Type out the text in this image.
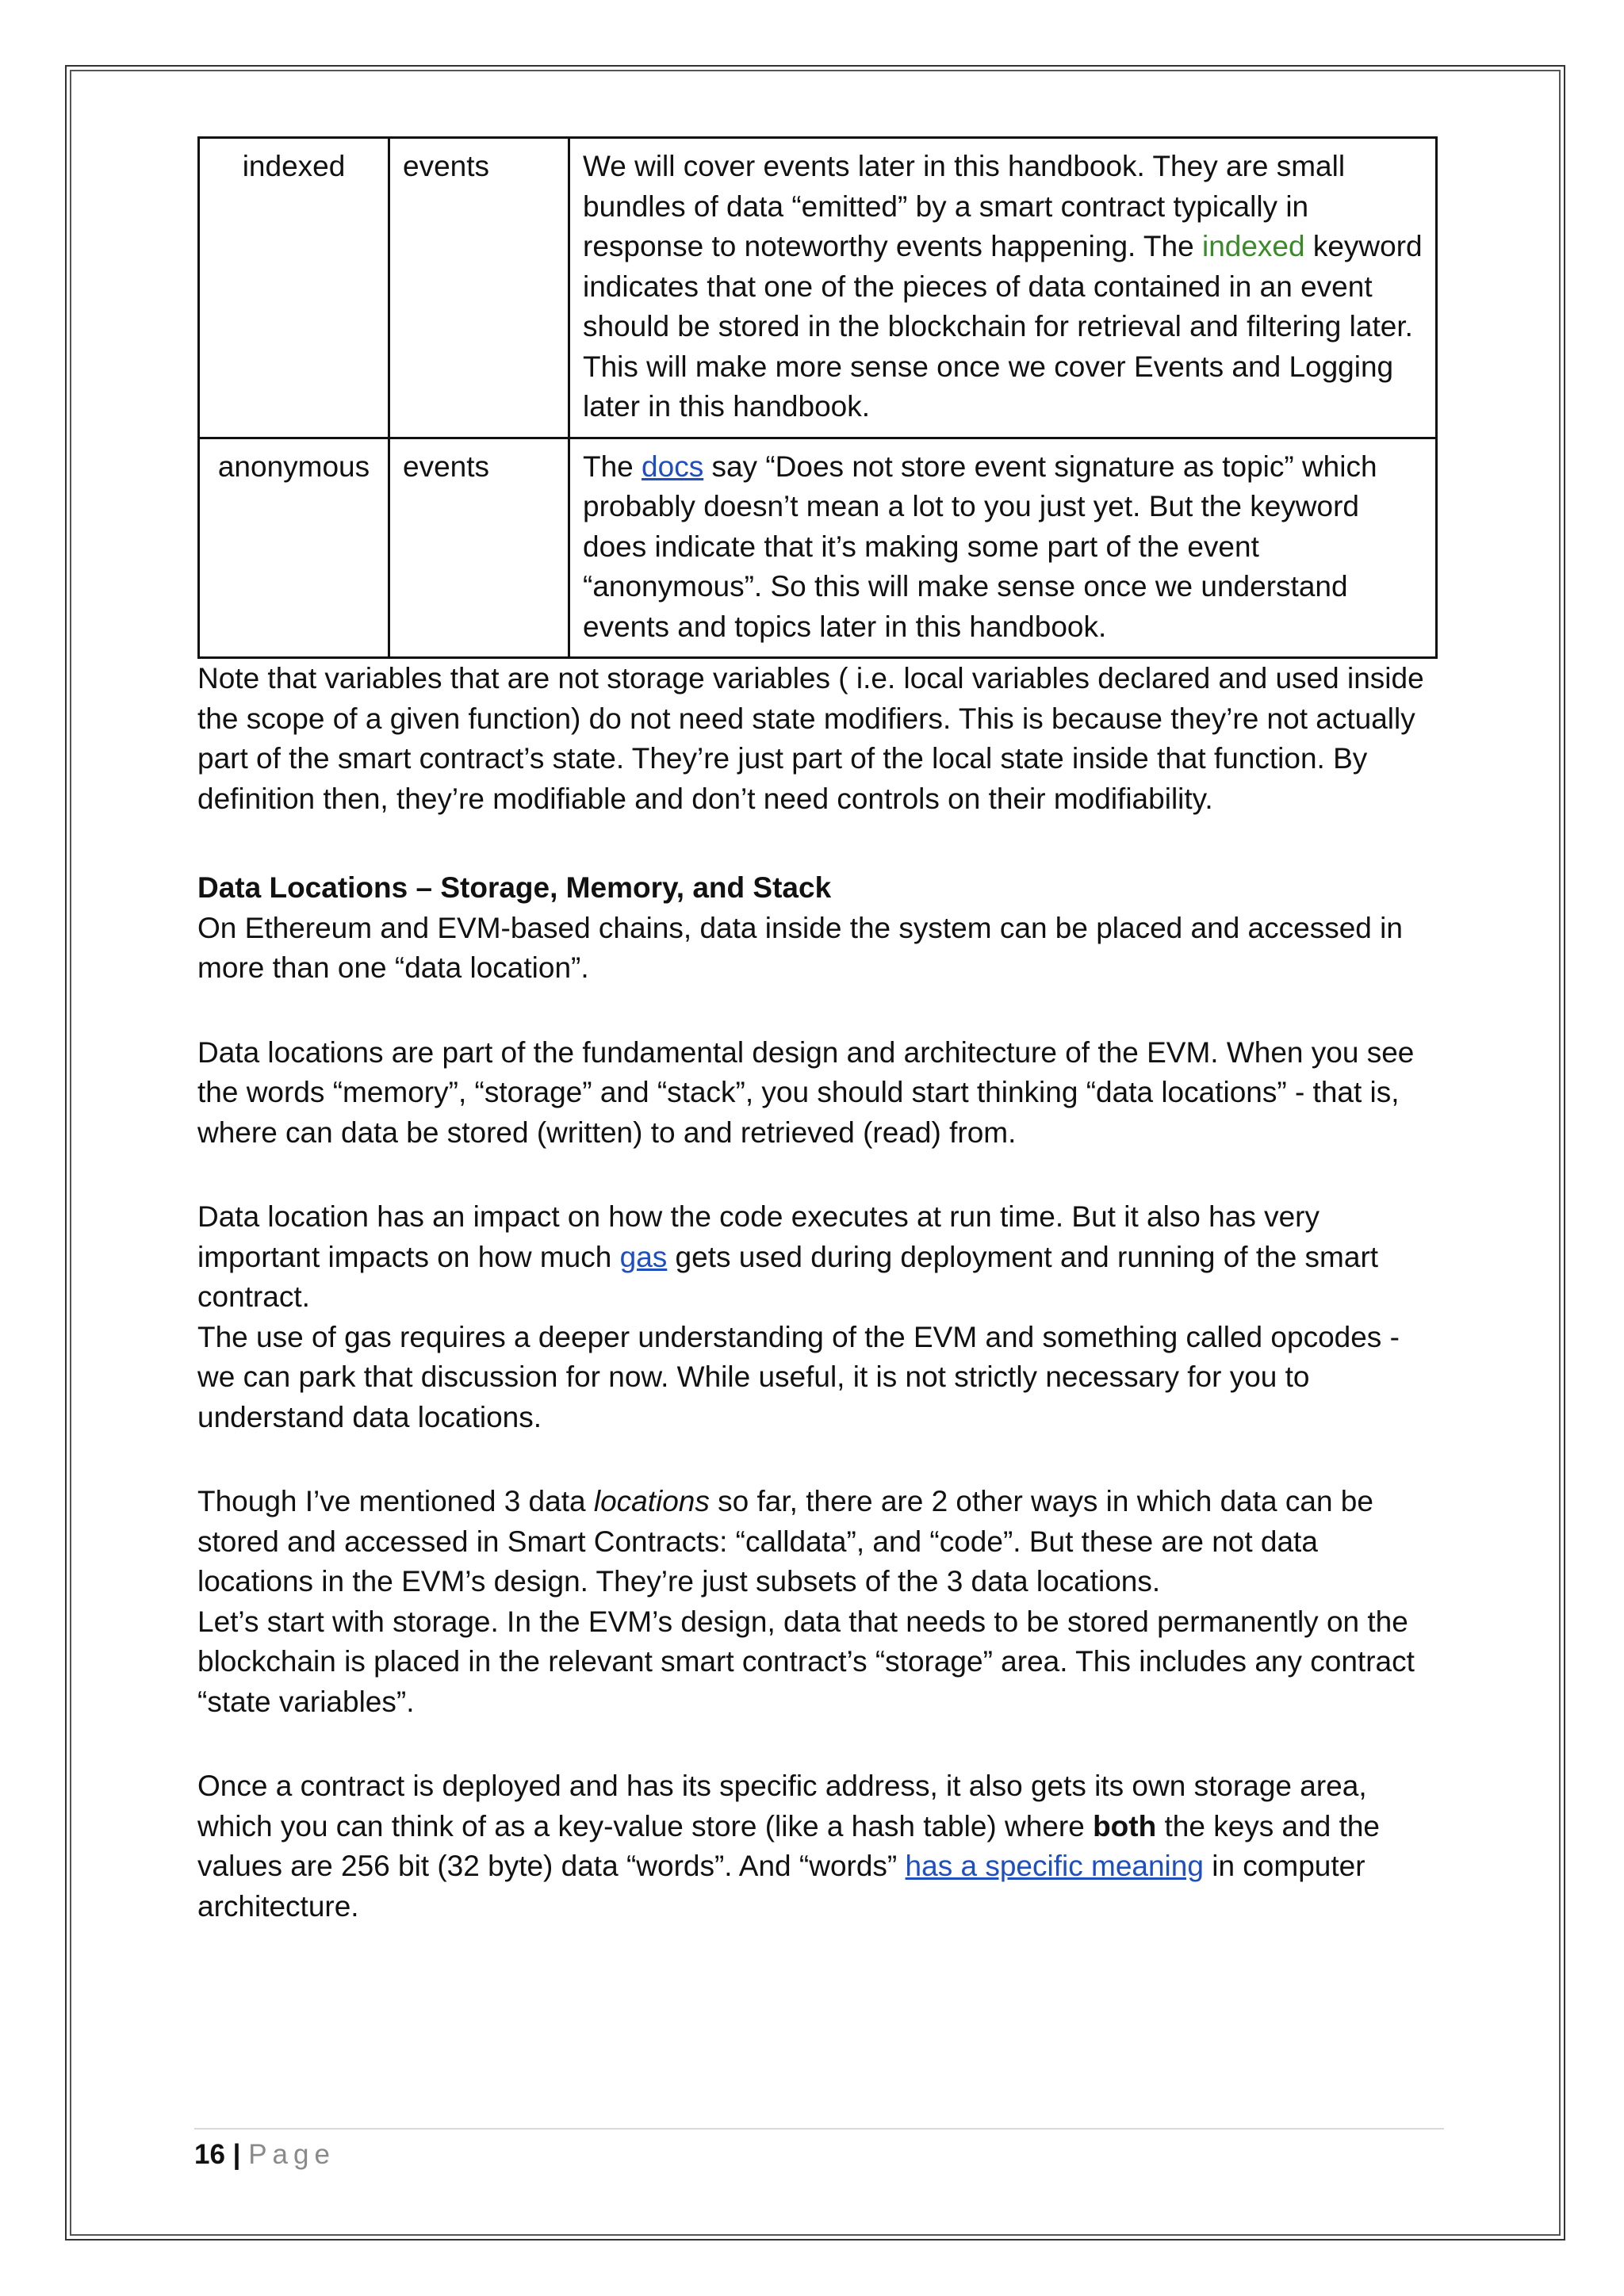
indexed	events	We will cover events later in this handbook. They are small bundles of data “emitted” by a smart contract typically in response to noteworthy events happening. The indexed keyword indicates that one of the pieces of data contained in an event should be stored in the blockchain for retrieval and filtering later. This will make more sense once we cover Events and Logging later in this handbook.
anonymous	events	The docs say “Does not store event signature as topic” which probably doesn’t mean a lot to you just yet. But the keyword does indicate that it’s making some part of the event “anonymous”. So this will make sense once we understand events and topics later in this handbook.

Note that variables that are not storage variables ( i.e. local variables declared and used inside the scope of a given function) do not need state modifiers. This is because they’re not actually part of the smart contract’s state. They’re just part of the local state inside that function. By definition then, they’re modifiable and don’t need controls on their modifiability.

Data Locations – Storage, Memory, and Stack

On Ethereum and EVM-based chains, data inside the system can be placed and accessed in more than one “data location”.

Data locations are part of the fundamental design and architecture of the EVM. When you see the words “memory”, “storage” and “stack”, you should start thinking “data locations” - that is, where can data be stored (written) to and retrieved (read) from.

Data location has an impact on how the code executes at run time. But it also has very important impacts on how much gas gets used during deployment and running of the smart contract.

The use of gas requires a deeper understanding of the EVM and something called opcodes - we can park that discussion for now. While useful, it is not strictly necessary for you to understand data locations.

Though I’ve mentioned 3 data locations so far, there are 2 other ways in which data can be stored and accessed in Smart Contracts: “calldata”, and “code”. But these are not data locations in the EVM’s design. They’re just subsets of the 3 data locations.

Let’s start with storage. In the EVM’s design, data that needs to be stored permanently on the blockchain is placed in the relevant smart contract’s “storage” area. This includes any contract “state variables”.

Once a contract is deployed and has its specific address, it also gets its own storage area, which you can think of as a key-value store (like a hash table) where both the keys and the values are 256 bit (32 byte) data “words”. And “words” has a specific meaning in computer architecture.

16 | Page
